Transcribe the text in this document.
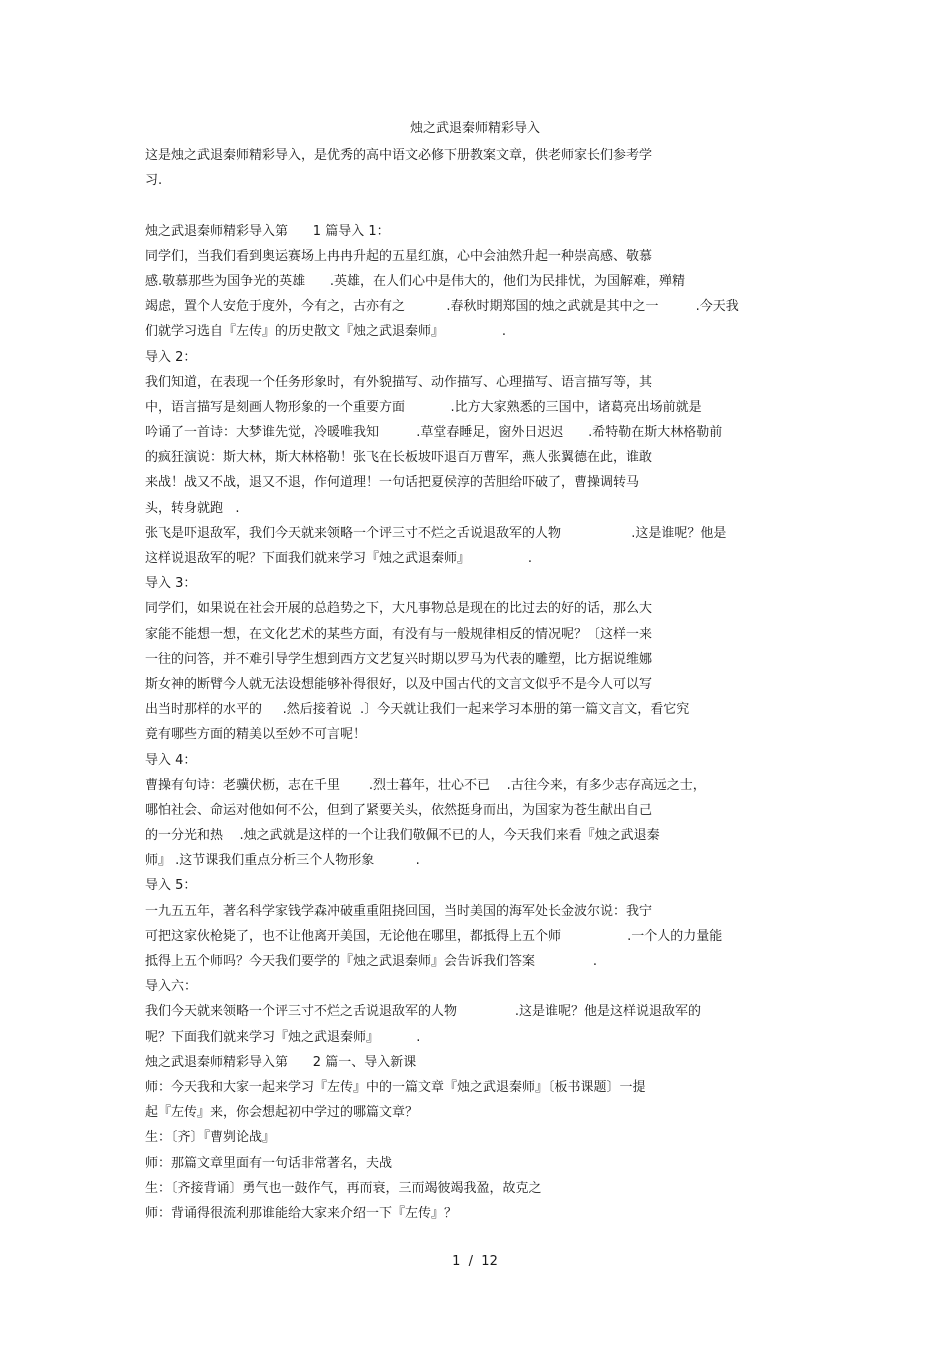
烛之武退秦师精彩导入
这是烛之武退秦师精彩导入，是优秀的高中语文必修下册教案文章，供老师家长们参考学
习.
烛之武退秦师精彩导入第      1 篇导入 1：
同学们，当我们看到奥运赛场上冉冉升起的五星红旗，心中会油然升起一种崇高感、敬慕
感.敬慕那些为国争光的英雄      .英雄，在人们心中是伟大的，他们为民排忧，为国解难，殚精
竭虑，置个人安危于度外，今有之，古亦有之          .春秋时期郑国的烛之武就是其中之一         .今天我
们就学习选自『左传』的历史散文『烛之武退秦师』              .
导入 2：
我们知道，在表现一个任务形象时，有外貌描写、动作描写、心理描写、语言描写等，其
中，语言描写是刻画人物形象的一个重要方面           .比方大家熟悉的三国中，诸葛亮出场前就是
吟诵了一首诗：大梦谁先觉，冷暖唯我知         .草堂春睡足，窗外日迟迟      .希特勒在斯大林格勒前
的疯狂演说：斯大林，斯大林格勒！张飞在长板坡吓退百万曹军，燕人张翼德在此，谁敢
来战！战又不战，退又不退，作何道理！一句话把夏侯淳的苦胆给吓破了，曹操调转马
头，转身就跑   .
张飞是吓退敌军，我们今天就来领略一个评三寸不烂之舌说退敌军的人物                 .这是谁呢？他是
这样说退敌军的呢？下面我们就来学习『烛之武退秦师』              .
导入 3：
同学们，如果说在社会开展的总趋势之下，大凡事物总是现在的比过去的好的话，那么大
家能不能想一想，在文化艺术的某些方面，有没有与一般规律相反的情况呢？〔这样一来
一往的问答，并不难引导学生想到西方文艺复兴时期以罗马为代表的雕塑，比方据说维娜
斯女神的断臂今人就无法设想能够补得很好，以及中国古代的文言文似乎不是今人可以写
出当时那样的水平的     .然后接着说  .〕今天就让我们一起来学习本册的第一篇文言文，看它究
竟有哪些方面的精美以至妙不可言呢！
导入 4：
曹操有句诗：老骥伏枥，志在千里       .烈士暮年，壮心不已    .古往今来，有多少志存高远之士，
哪怕社会、命运对他如何不公，但到了紧要关头，依然挺身而出，为国家为苍生献出自己
的一分光和热    .烛之武就是这样的一个让我们敬佩不已的人，今天我们来看『烛之武退秦
师』 .这节课我们重点分析三个人物形象          .
导入 5：
一九五五年，著名科学家钱学森冲破重重阻挠回国，当时美国的海军处长金波尔说：我宁
可把这家伙枪毙了，也不让他离开美国，无论他在哪里，都抵得上五个师                .一个人的力量能
抵得上五个师吗？今天我们要学的『烛之武退秦师』会告诉我们答案              .
导入六：
我们今天就来领略一个评三寸不烂之舌说退敌军的人物              .这是谁呢？他是这样说退敌军的
呢？下面我们就来学习『烛之武退秦师』         .
烛之武退秦师精彩导入第      2 篇一、导入新课
师：今天我和大家一起来学习『左传』中的一篇文章『烛之武退秦师』〔板书课题〕一提
起『左传』来，你会想起初中学过的哪篇文章？
生：〔齐〕『曹刿论战』
师：那篇文章里面有一句话非常著名，夫战
生：〔齐接背诵〕勇气也一鼓作气，再而衰，三而竭彼竭我盈，故克之
师：背诵得很流利那谁能给大家来介绍一下『左传』？
1  /  12
